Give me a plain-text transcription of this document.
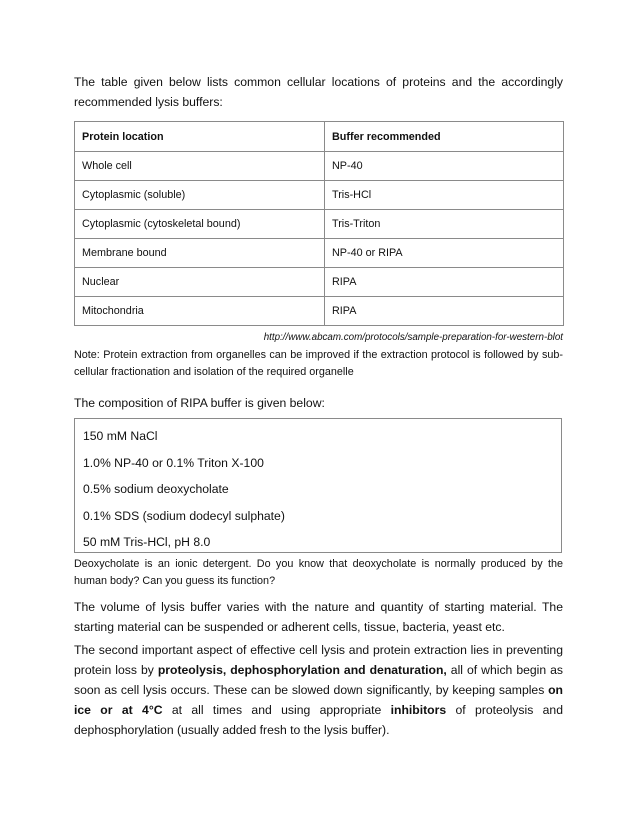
The table given below lists common cellular locations of proteins and the accordingly recommended lysis buffers:

Protein location	Buffer recommended
Whole cell	NP-40
Cytoplasmic (soluble)	Tris-HCl
Cytoplasmic (cytoskeletal bound)	Tris-Triton
Membrane bound	NP-40 or RIPA
Nuclear	RIPA
Mitochondria	RIPA
http://www.abcam.com/protocols/sample-preparation-for-western-blot

Note: Protein extraction from organelles can be improved if the extraction protocol is followed by sub-cellular fractionation and isolation of the required organelle

The composition of RIPA buffer is given below:

150 mM NaCl

1.0% NP-40 or 0.1% Triton X-100

0.5% sodium deoxycholate

0.1% SDS (sodium dodecyl sulphate)

50 mM Tris-HCl, pH 8.0

Deoxycholate is an ionic detergent. Do you know that deoxycholate is normally produced by the human body? Can you guess its function?

The volume of lysis buffer varies with the nature and quantity of starting material. The starting material can be suspended or adherent cells, tissue, bacteria, yeast etc.

The second important aspect of effective cell lysis and protein extraction lies in preventing protein loss by proteolysis, dephosphorylation and denaturation, all of which begin as soon as cell lysis occurs. These can be slowed down significantly, by keeping samples on ice or at 4°C at all times and using appropriate inhibitors of proteolysis and dephosphorylation (usually added fresh to the lysis buffer).
